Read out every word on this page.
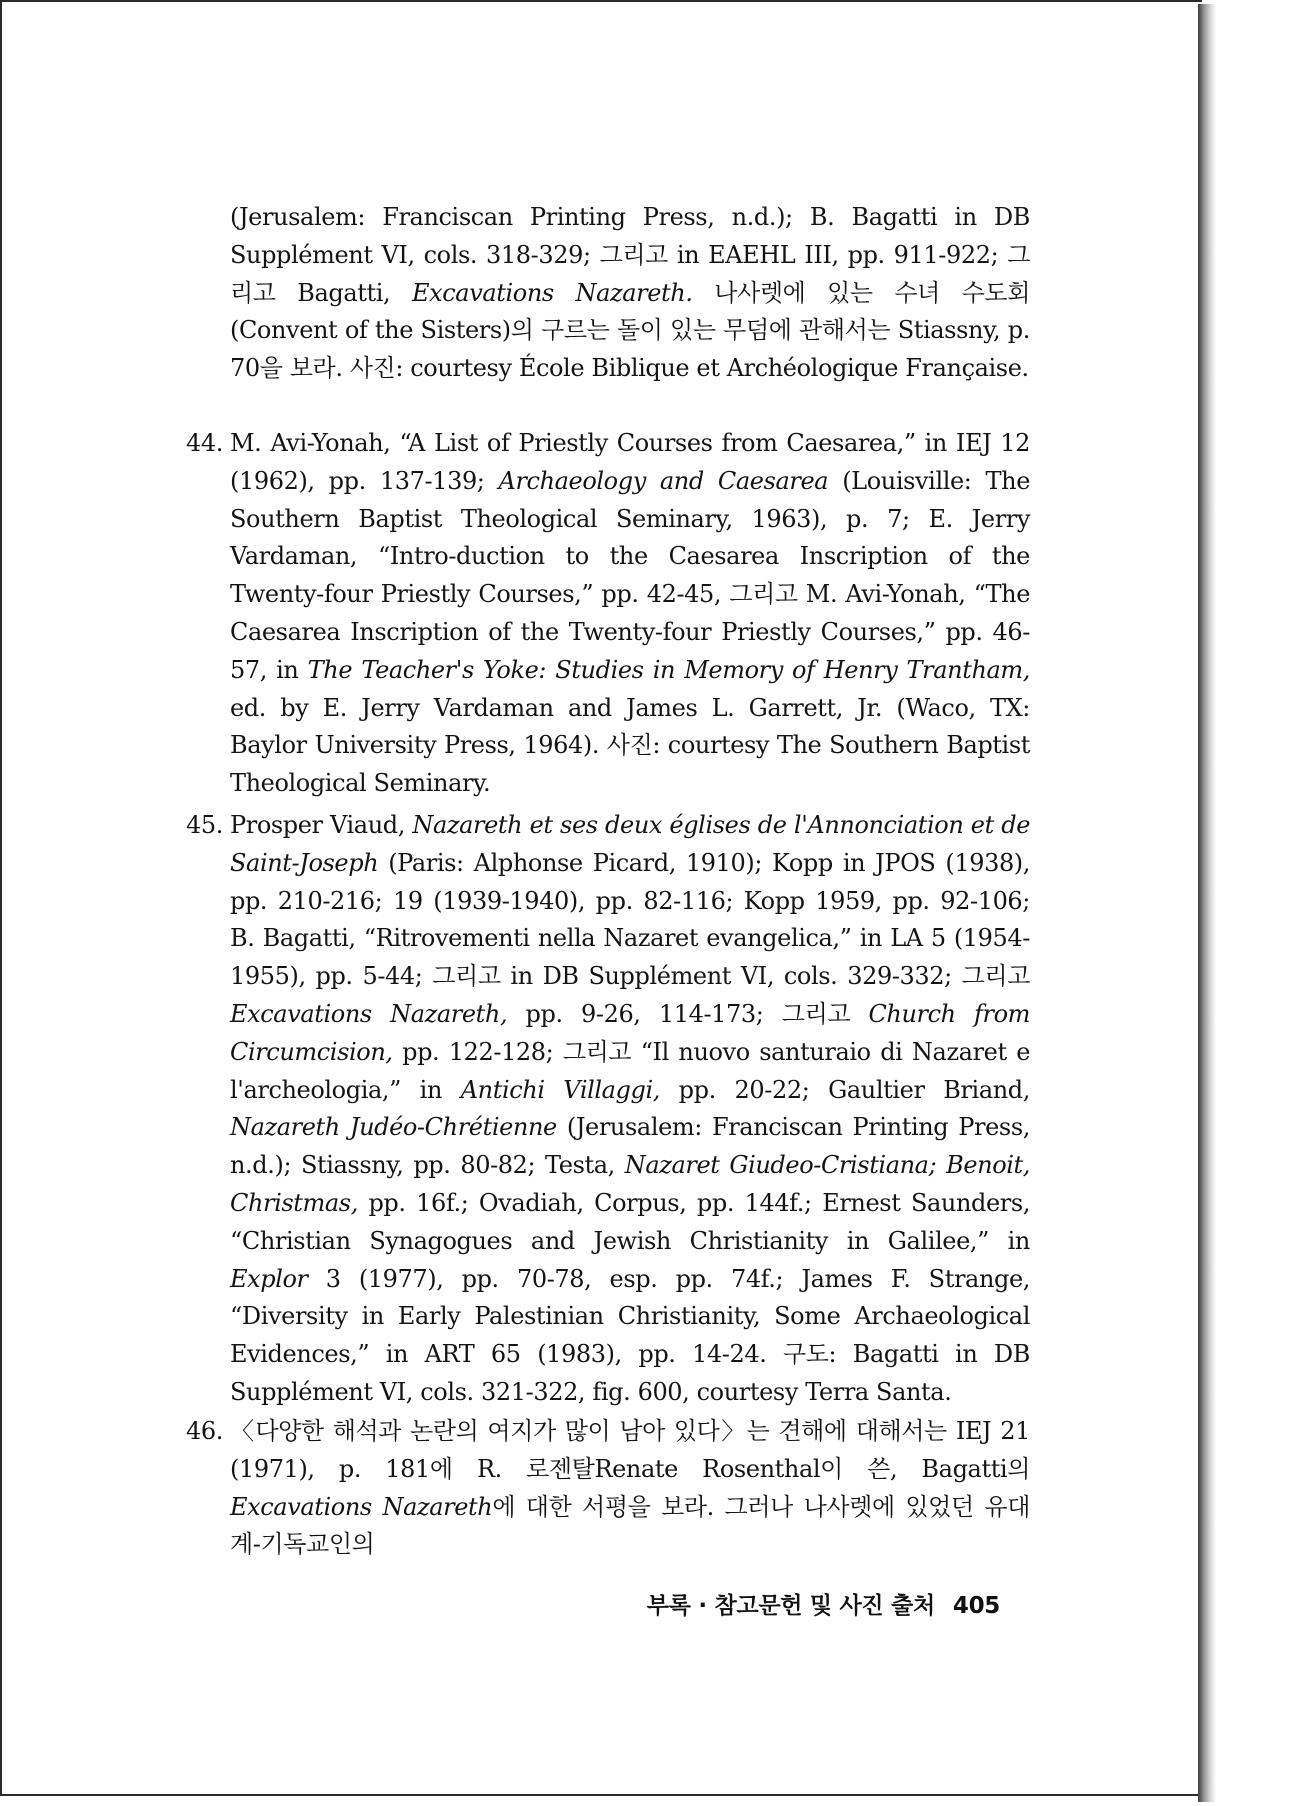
(Jerusalem: Franciscan Printing Press, n.d.); B. Bagatti in DB Supplément VI, cols. 318-329; 그리고 in EAEHL III, pp. 911-922; 그리고 Bagatti, Excavations Nazareth. 나사렛에 있는 수녀 수도회(Convent of the Sisters)의 구르는 돌이 있는 무덤에 관해서는 Stiassny, p. 70을 보라. 사진: courtesy École Biblique et Archéologique Française.

44. M. Avi-Yonah, “A List of Priestly Courses from Caesarea,” in IEJ 12 (1962), pp. 137-139; Archaeology and Caesarea (Louisville: The Southern Baptist Theological Seminary, 1963), p. 7; E. Jerry Vardaman, “Intro-duction to the Caesarea Inscription of the Twenty-four Priestly Courses,” pp. 42-45, 그리고 M. Avi-Yonah, “The Caesarea Inscription of the Twenty-four Priestly Courses,” pp. 46-57, in The Teacher's Yoke: Studies in Memory of Henry Trantham, ed. by E. Jerry Vardaman and James L. Garrett, Jr. (Waco, TX: Baylor University Press, 1964). 사진: courtesy The Southern Baptist Theological Seminary.

45. Prosper Viaud, Nazareth et ses deux églises de l'Annonciation et de Saint-Joseph (Paris: Alphonse Picard, 1910); Kopp in JPOS (1938), pp. 210-216; 19 (1939-1940), pp. 82-116; Kopp 1959, pp. 92-106; B. Bagatti, “Ritrovementi nella Nazaret evangelica,” in LA 5 (1954-1955), pp. 5-44; 그리고 in DB Supplément VI, cols. 329-332; 그리고 Excavations Nazareth, pp. 9-26, 114-173; 그리고 Church from Circumcision, pp. 122-128; 그리고 “Il nuovo santuraio di Nazaret e l'archeologia,” in Antichi Villaggi, pp. 20-22; Gaultier Briand, Nazareth Judéo-Chrétienne (Jerusalem: Franciscan Printing Press, n.d.); Stiassny, pp. 80-82; Testa, Nazaret Giudeo-Cristiana; Benoit, Christmas, pp. 16f.; Ovadiah, Corpus, pp. 144f.; Ernest Saunders, “Christian Synagogues and Jewish Christianity in Galilee,” in Explor 3 (1977), pp. 70-78, esp. pp. 74f.; James F. Strange, “Diversity in Early Palestinian Christianity, Some Archaeological Evidences,” in ART 65 (1983), pp. 14-24. 구도: Bagatti in DB Supplément VI, cols. 321-322, fig. 600, courtesy Terra Santa.

46. 〈다양한 해석과 논란의 여지가 많이 남아 있다〉는 견해에 대해서는 IEJ 21 (1971), p. 181에 R. 로젠탈Renate Rosenthal이 쓴, Bagatti의 Excavations Nazareth에 대한 서평을 보라. 그러나 나사렛에 있었던 유대계-기독교인의

부록 · 참고문헌 및 사진 출처 405
